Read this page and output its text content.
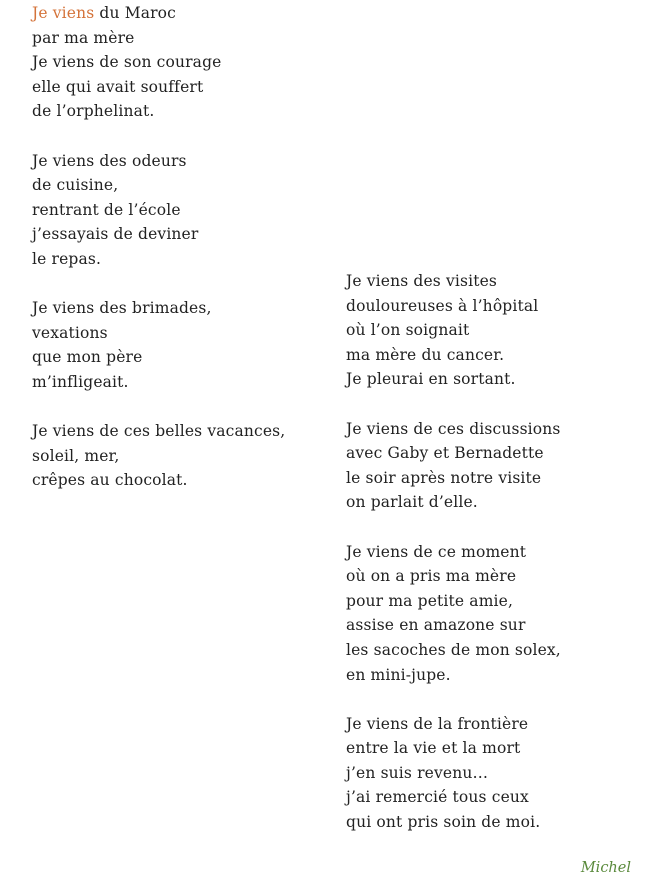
Je viens du Maroc
par ma mère
Je viens de son courage
elle qui avait souffert
de l’orphelinat.
Je viens des odeurs
de cuisine,
rentrant de l’école
j’essayais de deviner
le repas.
Je viens des brimades,
vexations
que mon père
m’infligeait.
Je viens de ces belles vacances,
soleil, mer,
crêpes au chocolat.
Je viens des visites
douloureuses à l’hôpital
où l’on soignait
ma mère du cancer.
Je pleurai en sortant.
Je viens de ces discussions
avec Gaby et Bernadette
le soir après notre visite
on parlait d’elle.
Je viens de ce moment
où on a pris ma mère
pour ma petite amie,
assise en amazone sur
les sacoches de mon solex,
en mini-jupe.
Je viens de la frontière
entre la vie et la mort
j’en suis revenu…
j’ai remercié tous ceux
qui ont pris soin de moi.
Michel
